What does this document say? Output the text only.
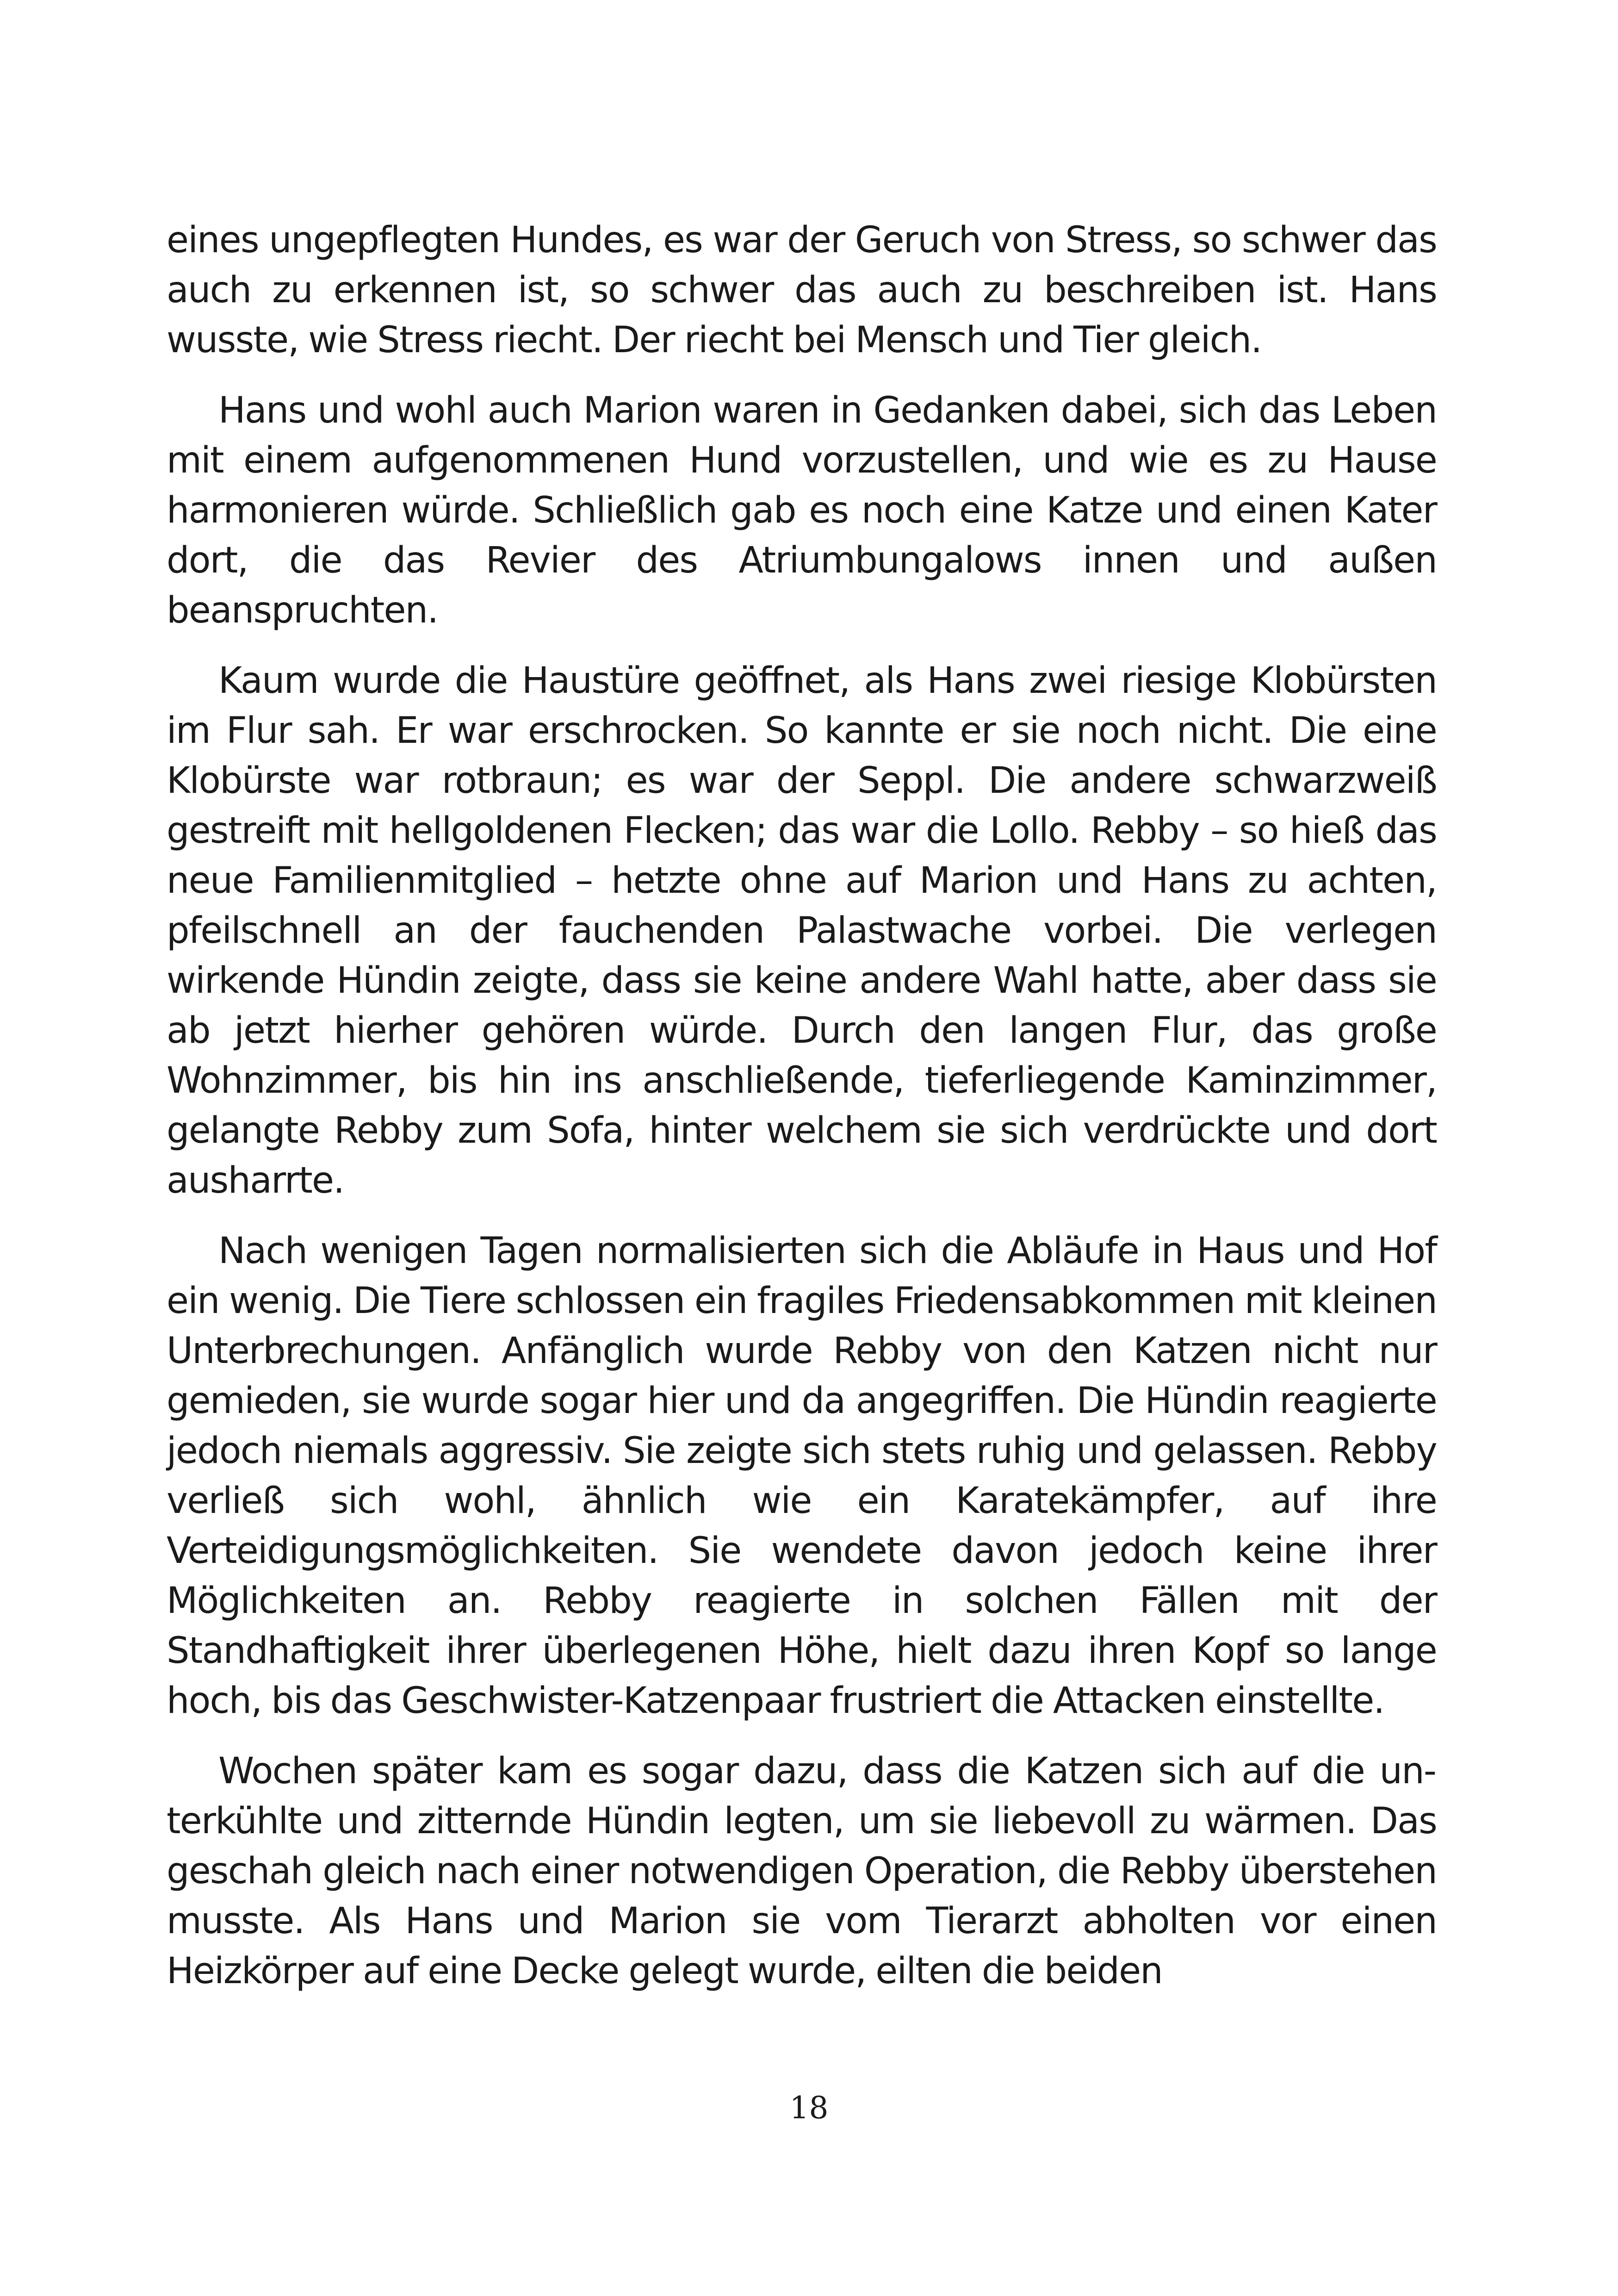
eines ungepflegten Hundes, es war der Geruch von Stress, so schwer das auch zu erkennen ist, so schwer das auch zu beschreiben ist. Hans wusste, wie Stress riecht. Der riecht bei Mensch und Tier gleich.

Hans und wohl auch Marion waren in Gedanken dabei, sich das Leben mit einem aufgenommenen Hund vorzustellen, und wie es zu Hause harmonieren würde. Schließlich gab es noch eine Katze und einen Kater dort, die das Revier des Atriumbungalows innen und außen beanspruchten.

Kaum wurde die Haustüre geöffnet, als Hans zwei riesige Klobürsten im Flur sah. Er war erschrocken. So kannte er sie noch nicht. Die eine Klobürste war rotbraun; es war der Seppl. Die andere schwarzweiß gestreift mit hellgoldenen Flecken; das war die Lollo. Rebby – so hieß das neue Familienmitglied – hetzte ohne auf Marion und Hans zu achten, pfeilschnell an der fauchenden Palastwache vorbei. Die verlegen wirkende Hündin zeigte, dass sie keine andere Wahl hatte, aber dass sie ab jetzt hierher gehören würde. Durch den langen Flur, das große Wohnzimmer, bis hin ins anschließende, tieferliegende Kaminzimmer, gelangte Rebby zum Sofa, hinter welchem sie sich verdrückte und dort ausharrte.

Nach wenigen Tagen normalisierten sich die Abläufe in Haus und Hof ein wenig. Die Tiere schlossen ein fragiles Friedensabkommen mit kleinen Unterbrechungen. Anfänglich wurde Rebby von den Katzen nicht nur gemieden, sie wurde sogar hier und da angegriffen. Die Hündin reagierte jedoch niemals aggressiv. Sie zeigte sich stets ruhig und gelassen. Rebby verließ sich wohl, ähnlich wie ein Karatekämpfer, auf ihre Verteidigungsmöglichkeiten. Sie wendete davon jedoch keine ihrer Möglichkeiten an. Rebby reagierte in solchen Fällen mit der Standhaftigkeit ihrer überlegenen Höhe, hielt dazu ihren Kopf so lange hoch, bis das Geschwister-Katzenpaar frustriert die Attacken einstellte.

Wochen später kam es sogar dazu, dass die Katzen sich auf die unterkühlte und zitternde Hündin legten, um sie liebevoll zu wärmen. Das geschah gleich nach einer notwendigen Operation, die Rebby überstehen musste. Als Hans und Marion sie vom Tierarzt abholten vor einen Heizkörper auf eine Decke gelegt wurde, eilten die beiden

18
